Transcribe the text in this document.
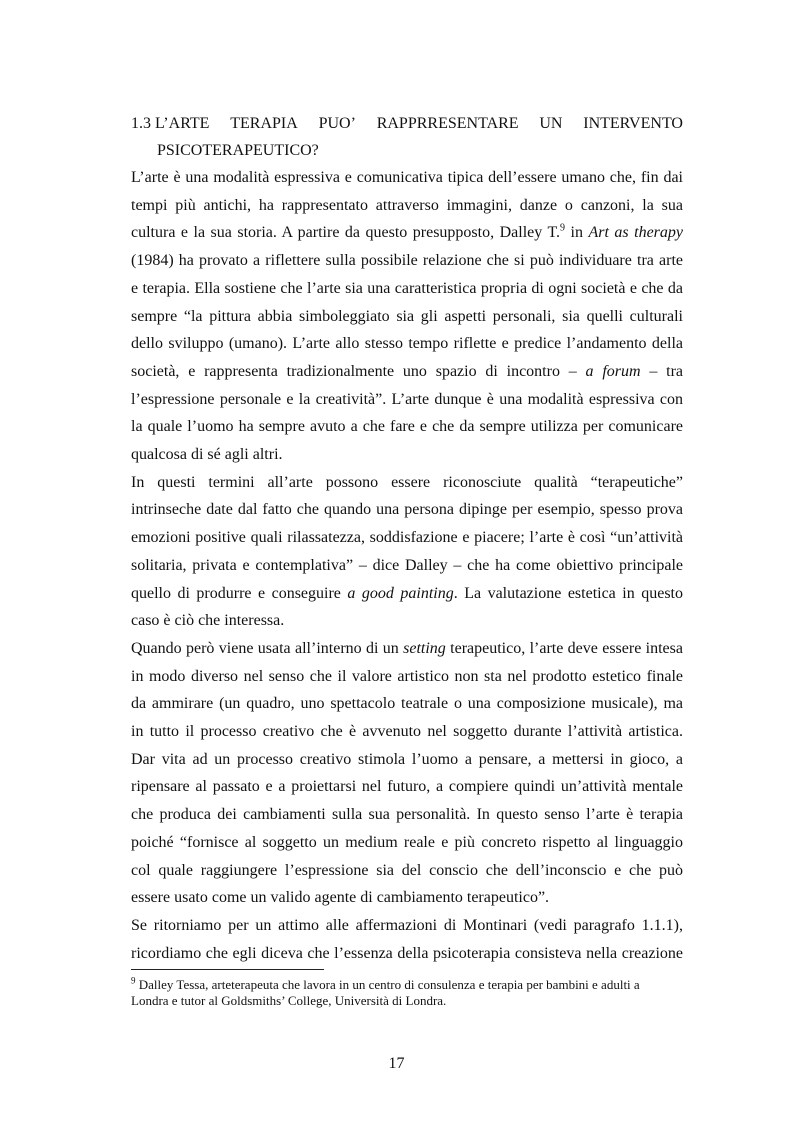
1.3 L’ARTE TERAPIA PUO’ RAPPRRESENTARE UN INTERVENTO
PSICOTERAPEUTICO?

L’arte è una modalità espressiva e comunicativa tipica dell’essere umano che, fin dai
tempi più antichi, ha rappresentato attraverso immagini, danze o canzoni, la sua
cultura e la sua storia. A partire da questo presupposto, Dalley T.$^9$ in Art as therapy
(1984) ha provato a riflettere sulla possibile relazione che si può individuare tra arte
e terapia. Ella sostiene che l’arte sia una caratteristica propria di ogni società e che da
sempre “la pittura abbia simboleggiato sia gli aspetti personali, sia quelli culturali
dello sviluppo (umano). L’arte allo stesso tempo riflette e predice l’andamento della
società, e rappresenta tradizionalmente uno spazio di incontro – a forum – tra
l’espressione personale e la creatività”. L’arte dunque è una modalità espressiva con
la quale l’uomo ha sempre avuto a che fare e che da sempre utilizza per comunicare
qualcosa di sé agli altri.

In questi termini all’arte possono essere riconosciute qualità “terapeutiche”
intrinseche date dal fatto che quando una persona dipinge per esempio, spesso prova
emozioni positive quali rilassatezza, soddisfazione e piacere; l’arte è così “un’attività
solitaria, privata e contemplativa” – dice Dalley – che ha come obiettivo principale
quello di produrre e conseguire a good painting. La valutazione estetica in questo
caso è ciò che interessa.

Quando però viene usata all’interno di un setting terapeutico, l’arte deve essere intesa
in modo diverso nel senso che il valore artistico non sta nel prodotto estetico finale
da ammirare (un quadro, uno spettacolo teatrale o una composizione musicale), ma
in tutto il processo creativo che è avvenuto nel soggetto durante l’attività artistica.
Dar vita ad un processo creativo stimola l’uomo a pensare, a mettersi in gioco, a
ripensare al passato e a proiettarsi nel futuro, a compiere quindi un’attività mentale
che produca dei cambiamenti sulla sua personalità. In questo senso l’arte è terapia
poiché “fornisce al soggetto un medium reale e più concreto rispetto al linguaggio
col quale raggiungere l’espressione sia del conscio che dell’inconscio e che può
essere usato come un valido agente di cambiamento terapeutico”.

Se ritorniamo per un attimo alle affermazioni di Montinari (vedi paragrafo 1.1.1),
ricordiamo che egli diceva che l’essenza della psicoterapia consisteva nella creazione

$^9$ Dalley Tessa, arteterapeuta che lavora in un centro di consulenza e terapia per bambini e adulti a
Londra e tutor al Goldsmiths’ College, Università di Londra.
17
